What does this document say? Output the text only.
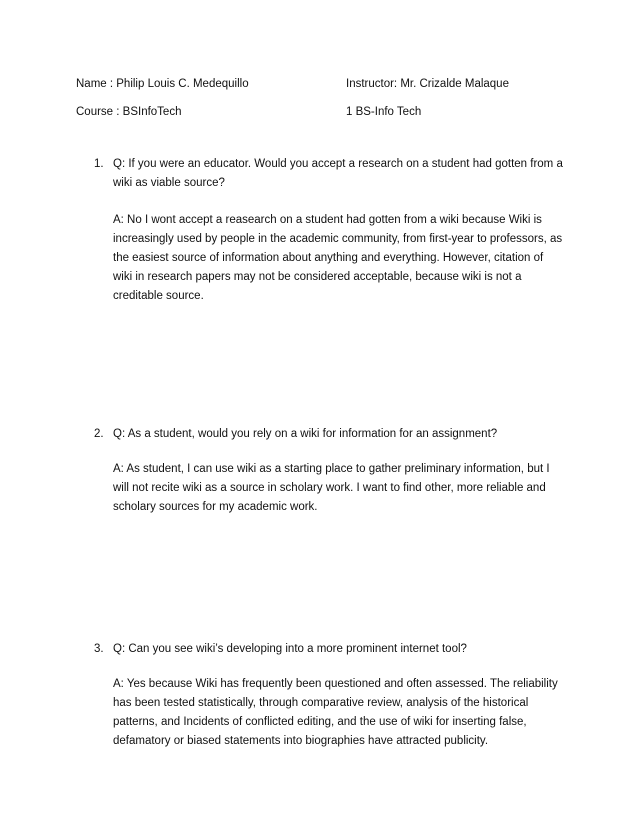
Name : Philip Louis C. Medequillo	Instructor: Mr. Crizalde Malaque
Course : BSInfoTech	1 BS-Info Tech
1. Q: If you were an educator. Would you accept a research on a student had gotten from a wiki as viable source?
A: No I wont accept a reasearch on a student had gotten from a wiki because Wiki is increasingly used by people in the academic community, from first-year to professors, as the easiest source of information about anything and everything. However, citation of wiki in research papers may not be considered acceptable, because wiki is not a creditable source.
2. Q: As a student, would you rely on a wiki for information for an assignment?
A: As student, I can use wiki as a starting place to gather preliminary information, but I will not recite wiki as a source in scholary work. I want to find other, more reliable and scholary sources for my academic work.
3. Q: Can you see wiki’s developing into a more prominent internet tool?
A: Yes because Wiki has frequently been questioned and often assessed. The reliability has been tested statistically, through comparative review, analysis of the historical patterns, and Incidents of conflicted editing, and the use of wiki for inserting false, defamatory or biased statements into biographies have attracted publicity.
